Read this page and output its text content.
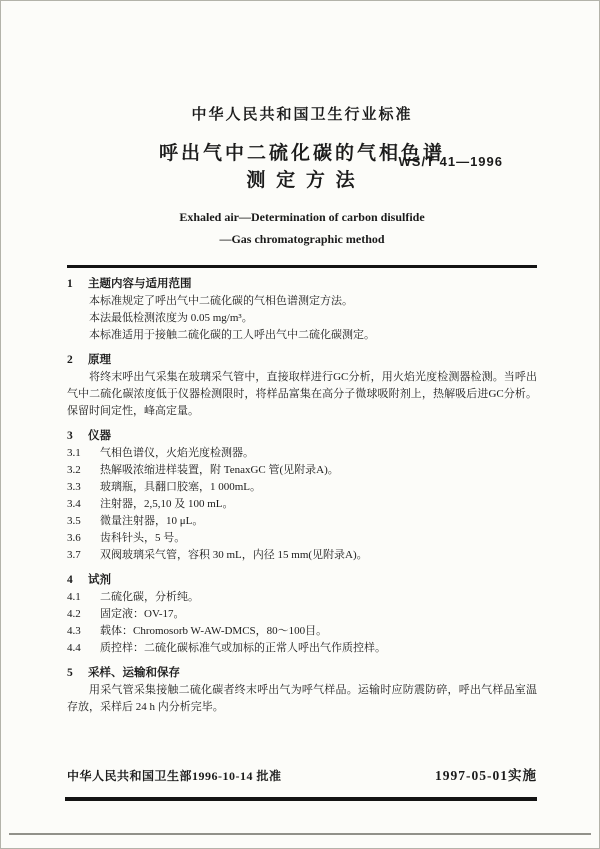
中华人民共和国卫生行业标准
呼出气中二硫化碳的气相色谱
测 定 方 法
WS/T 41—1996
Exhaled air—Determination of carbon disulfide
—Gas chromatographic method
1 主题内容与适用范围

本标准规定了呼出气中二硫化碳的气相色谱测定方法。

本法最低检测浓度为 0.05 mg/m³。

本标准适用于接触二硫化碳的工人呼出气中二硫化碳测定。

2 原理

将终末呼出气采集在玻璃采气管中，直接取样进行GC分析，用火焰光度检测器检测。当呼出气中二硫化碳浓度低于仪器检测限时，将样品富集在高分子微球吸附剂上，热解吸后进GC分析。保留时间定性，峰高定量。

3 仪器

3.1 气相色谱仪，火焰光度检测器。

3.2 热解吸浓缩进样装置，附 TenaxGC 管(见附录A)。

3.3 玻璃瓶，具翻口胶塞，1 000mL。

3.4 注射器，2,5,10 及 100 mL。

3.5 微量注射器，10 μL。

3.6 齿科针头，5 号。

3.7 双阀玻璃采气管，容积 30 mL，内径 15 mm(见附录A)。

4 试剂

4.1 二硫化碳，分析纯。

4.2 固定液：OV-17。

4.3 载体：Chromosorb W-AW-DMCS，80～100目。

4.4 质控样：二硫化碳标准气或加标的正常人呼出气作质控样。

5 采样、运输和保存

用采气管采集接触二硫化碳者终末呼出气为呼气样品。运输时应防震防碎，呼出气样品室温存放，采样后 24 h 内分析完毕。

中华人民共和国卫生部1996-10-14 批准	1997-05-01实施
